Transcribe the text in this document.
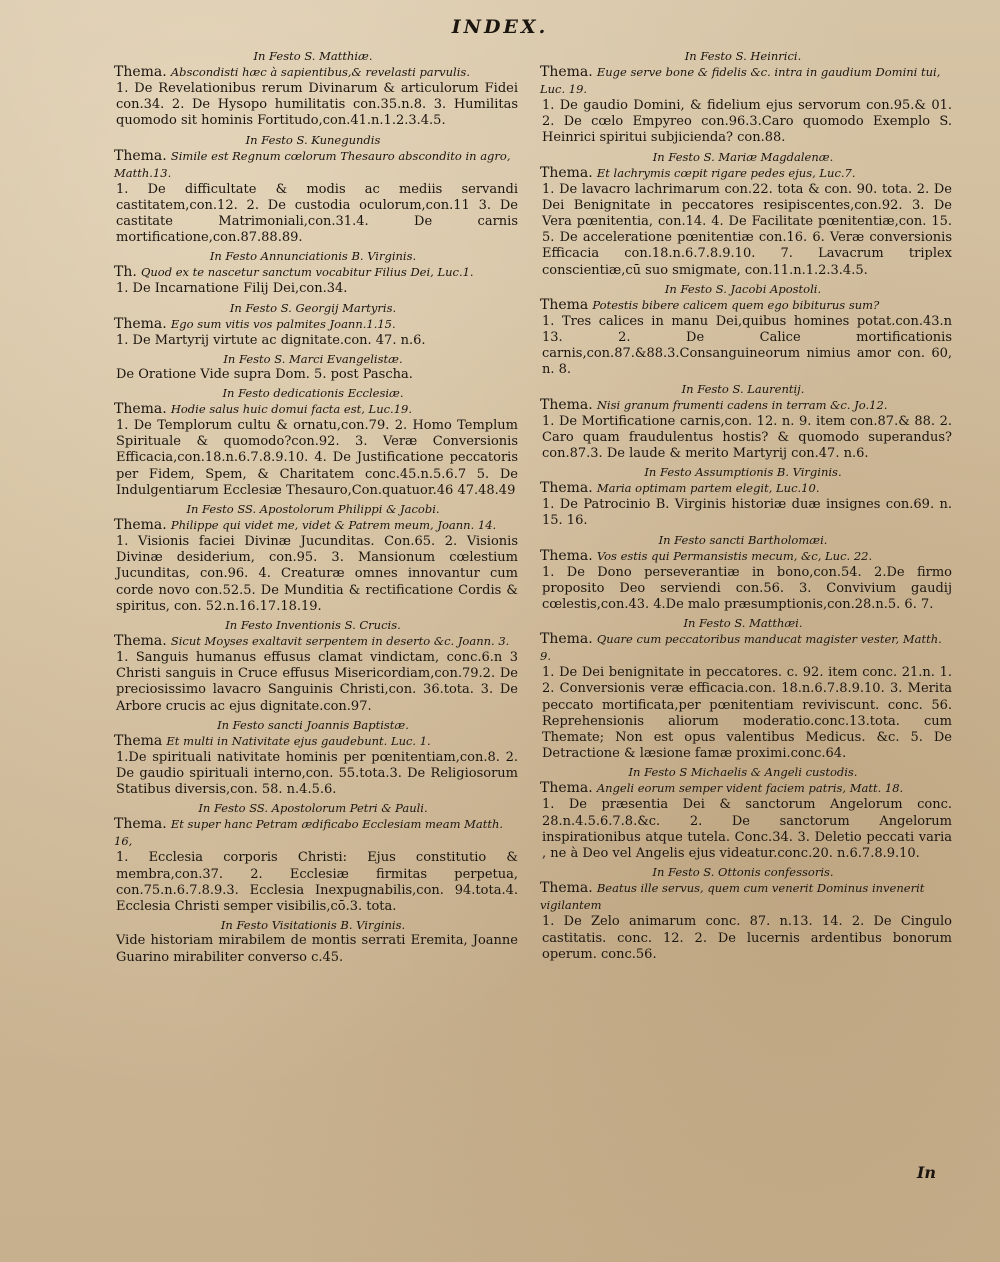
INDEX.
In Festo S. Matthiæ.
Thema. Abscondisti hæc à sapientibus,& revelasti parvulis.
1. De Revelationibus rerum Divinarum & articulorum Fidei con.34. 2. De Hysopo humilitatis con.35.n.8. 3. Humilitas quomodo sit hominis Fortitudo,con.41.n.1.2.3.4.5.
In Festo S. Kunegundis
Thema. Simile est Regnum cœlorum Thesauro abscondito in agro, Matth.13.
1. De difficultate & modis ac mediis servandi castitatem,con.12. 2. De custodia oculorum,con.11 3. De castitate Matrimoniali,con.31.4. De carnis mortificatione,con.87.88.89.
In Festo Annunciationis B. Virginis.
Th. Quod ex te nascetur sanctum vocabitur Filius Dei, Luc.1.
1. De Incarnatione Filij Dei,con.34.
In Festo S. Georgij Martyris.
Thema. Ego sum vitis vos palmites Joann.1.15.
1. De Martyrij virtute ac dignitate.con. 47. n.6.
In Festo S. Marci Evangelistæ.
De Oratione Vide supra Dom. 5. post Pascha.
In Festo dedicationis Ecclesiæ.
Thema. Hodie salus huic domui facta est, Luc.19.
1. De Templorum cultu & ornatu,con.79. 2. Homo Templum Spirituale & quomodo?con.92. 3. Veræ Conversionis Efficacia,con.18.n.6.7.8.9.10. 4. De Justificatione peccatoris per Fidem, Spem, & Charitatem conc.45.n.5.6.7 5. De Indulgentiarum Ecclesiæ Thesauro,Con.quatuor.46 47.48.49
In Festo SS. Apostolorum Philippi & Jacobi.
Thema. Philippe qui videt me, videt & Patrem meum, Joann. 14.
1. Visionis faciei Divinæ Jucunditas. Con.65. 2. Visionis Divinæ desiderium, con.95. 3. Mansionum cœlestium Jucunditas, con.96. 4. Creaturæ omnes innovantur cum corde novo con.52.5. De Munditia & rectificatione Cordis & spiritus, con. 52.n.16.17.18.19.
In Festo Inventionis S. Crucis.
Thema. Sicut Moyses exaltavit serpentem in deserto &c. Joann. 3.
1. Sanguis humanus effusus clamat vindictam, conc.6.n 3 Christi sanguis in Cruce effusus Misericordiam,con.79.2. De preciosissimo lavacro Sanguinis Christi,con. 36.tota. 3. De Arbore crucis ac ejus dignitate.con.97.
In Festo sancti Joannis Baptistæ.
Thema Et multi in Nativitate ejus gaudebunt. Luc. 1.
1.De spirituali nativitate hominis per pœnitentiam,con.8. 2. De gaudio spirituali interno,con. 55.tota.3. De Religiosorum Statibus diversis,con. 58. n.4.5.6.
In Festo SS. Apostolorum Petri & Pauli.
Thema. Et super hanc Petram ædificabo Ecclesiam meam Matth. 16,
1. Ecclesia corporis Christi: Ejus constitutio & membra,con.37. 2. Ecclesiæ firmitas perpetua, con.75.n.6.7.8.9.3. Ecclesia Inexpugnabilis,con. 94.tota.4. Ecclesia Christi semper visibilis,cō.3. tota.
In Festo Visitationis B. Virginis.
Vide historiam mirabilem de montis serrati Eremita, Joanne Guarino mirabiliter converso c.45.
In Festo S. Heinrici.
Thema. Euge serve bone & fidelis &c. intra in gaudium Domini tui, Luc. 19.
1. De gaudio Domini, & fidelium ejus servorum con.95.& 01. 2. De cœlo Empyreo con.96.3.Caro quomodo Exemplo S. Heinrici spiritui subjicienda? con.88.
In Festo S. Mariæ Magdalenæ.
Thema. Et lachrymis cœpit rigare pedes ejus, Luc.7.
1. De lavacro lachrimarum con.22. tota & con. 90. tota. 2. De Dei Benignitate in peccatores resipiscentes,con.92. 3. De Vera pœnitentia, con.14. 4. De Facilitate pœnitentiæ,con. 15. 5. De acceleratione pœnitentiæ con.16. 6. Veræ conversionis Efficacia con.18.n.6.7.8.9.10. 7. Lavacrum triplex conscientiæ,cū suo smigmate, con.11.n.1.2.3.4.5.
In Festo S. Jacobi Apostoli.
Thema Potestis bibere calicem quem ego bibiturus sum?
1. Tres calices in manu Dei,quibus homines potat.con.43.n 13. 2. De Calice mortificationis carnis,con.87.&88.3.Consanguineorum nimius amor con. 60, n. 8.
In Festo S. Laurentij.
Thema. Nisi granum frumenti cadens in terram &c. Jo.12.
1. De Mortificatione carnis,con. 12. n. 9. item con.87.& 88. 2. Caro quam fraudulentus hostis? & quomodo superandus?con.87.3. De laude & merito Martyrij con.47. n.6.
In Festo Assumptionis B. Virginis.
Thema. Maria optimam partem elegit, Luc.10.
1. De Patrocinio B. Virginis historiæ duæ insignes con.69. n. 15. 16.
In Festo sancti Bartholomæi.
Thema. Vos estis qui Permansistis mecum, &c, Luc. 22.
1. De Dono perseverantiæ in bono,con.54. 2.De firmo proposito Deo serviendi con.56. 3. Convivium gaudij cœlestis,con.43. 4.De malo præsumptionis,con.28.n.5. 6. 7.
In Festo S. Matthæi.
Thema. Quare cum peccatoribus manducat magister vester, Matth. 9.
1. De Dei benignitate in peccatores. c. 92. item conc. 21.n. 1. 2. Conversionis veræ efficacia.con. 18.n.6.7.8.9.10. 3. Merita peccato mortificata,per pœnitentiam reviviscunt. conc. 56. Reprehensionis aliorum moderatio.conc.13.tota. cum Themate; Non est opus valentibus Medicus. &c. 5. De Detractione & læsione famæ proximi.conc.64.
In Festo S Michaelis & Angeli custodis.
Thema. Angeli eorum semper vident faciem patris, Matt. 18.
1. De præsentia Dei & sanctorum Angelorum conc. 28.n.4.5.6.7.8.&c. 2. De sanctorum Angelorum inspirationibus atque tutela. Conc.34. 3. Deletio peccati varia , ne à Deo vel Angelis ejus videatur.conc.20. n.6.7.8.9.10.
In Festo S. Ottonis confessoris.
Thema. Beatus ille servus, quem cum venerit Dominus invenerit vigilantem
1. De Zelo animarum conc. 87. n.13. 14. 2. De Cingulo castitatis. conc. 12. 2. De lucernis ardentibus bonorum operum. conc.56.
In
